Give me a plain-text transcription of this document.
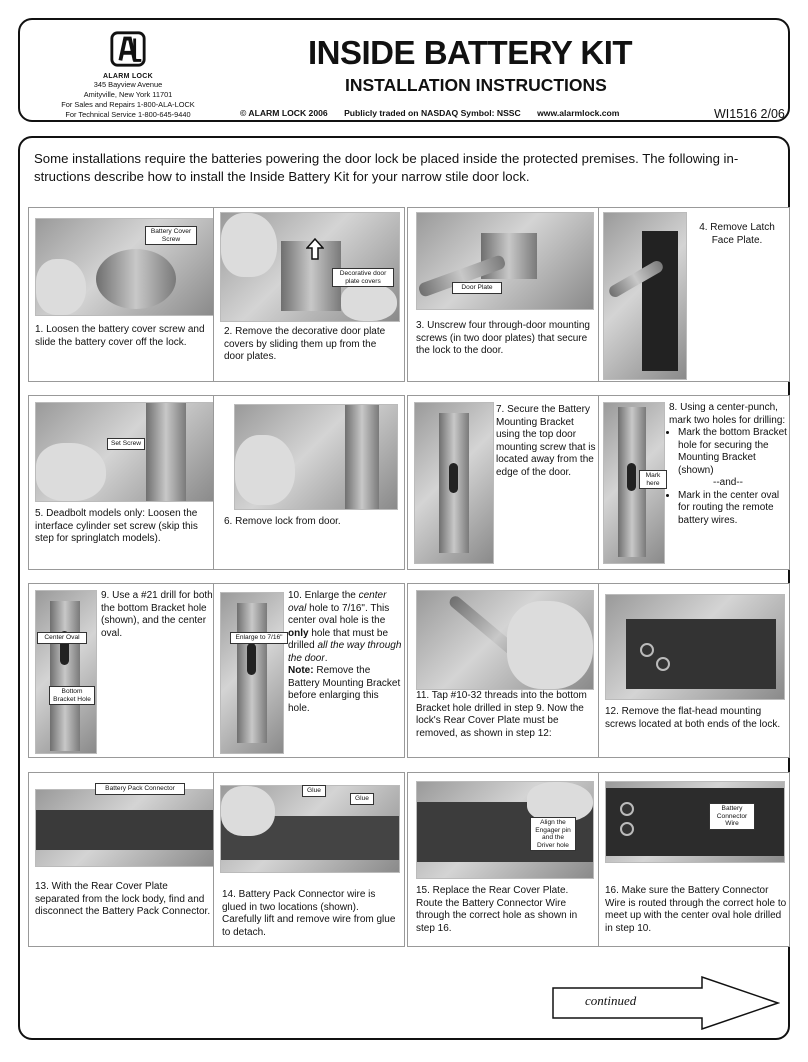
ALARM LOCK
345 Bayview Avenue
Amityville, New York 11701
For Sales and Repairs 1-800-ALA-LOCK
For Technical Service 1-800-645-9440
INSIDE BATTERY KIT
INSTALLATION INSTRUCTIONS
© ALARM LOCK 2006 Publicly traded on NASDAQ Symbol: NSSC www.alarmlock.com	WI1516 2/06
Some installations require the batteries powering the door lock be placed inside the protected premises. The following in-structions describe how to install the Inside Battery Kit for your narrow stile door lock.
Battery Cover Screw
1. Loosen the battery cover screw and slide the battery cover off the lock.
Decorative door plate covers
2. Remove the decorative door plate covers by sliding them up from the door plates.
Door Plate
3. Unscrew four through-door mounting screws (in two door plates) that secure the lock to the door.
4. Remove Latch Face Plate.
Set Screw
5. Deadbolt models only: Loosen the interface cylinder set screw (skip this step for springlatch models).
6. Remove lock from door.
7. Secure the Battery Mounting Bracket using the top door mounting screw that is located away from the edge of the door.	Mark here
8. Using a center-punch, mark two holes for drilling:
• Mark the bottom Bracket hole for securing the Mounting Bracket (shown)
--and--
• Mark in the center oval for routing the remote battery wires.
Center Oval
Bottom Bracket Hole
9. Use a #21 drill for both the bottom Bracket hole (shown), and the center oval.	Enlarge to 7/16"
10. Enlarge the center oval hole to 7/16". This center oval hole is the only hole that must be drilled all the way through the door.
Note: Remove the Battery Mounting Bracket before enlarging this hole.
11. Tap #10-32 threads into the bottom Bracket hole drilled in step 9. Now the lock's Rear Cover Plate must be removed, as shown in step 12:
12. Remove the flat-head mounting screws located at both ends of the lock.
Battery Pack Connector
13. With the Rear Cover Plate separated from the lock body, find and disconnect the Battery Pack Connector.
Glue
Glue
14. Battery Pack Connector wire is glued in two locations (shown). Carefully lift and remove wire from glue to detach.
Align the Engager pin and the Driver hole
15. Replace the Rear Cover Plate. Route the Battery Connector Wire through the correct hole as shown in step 16.
Battery Connector Wire
16. Make sure the Battery Connector Wire is routed through the correct hole to meet up with the center oval hole drilled in step 10.
continued
